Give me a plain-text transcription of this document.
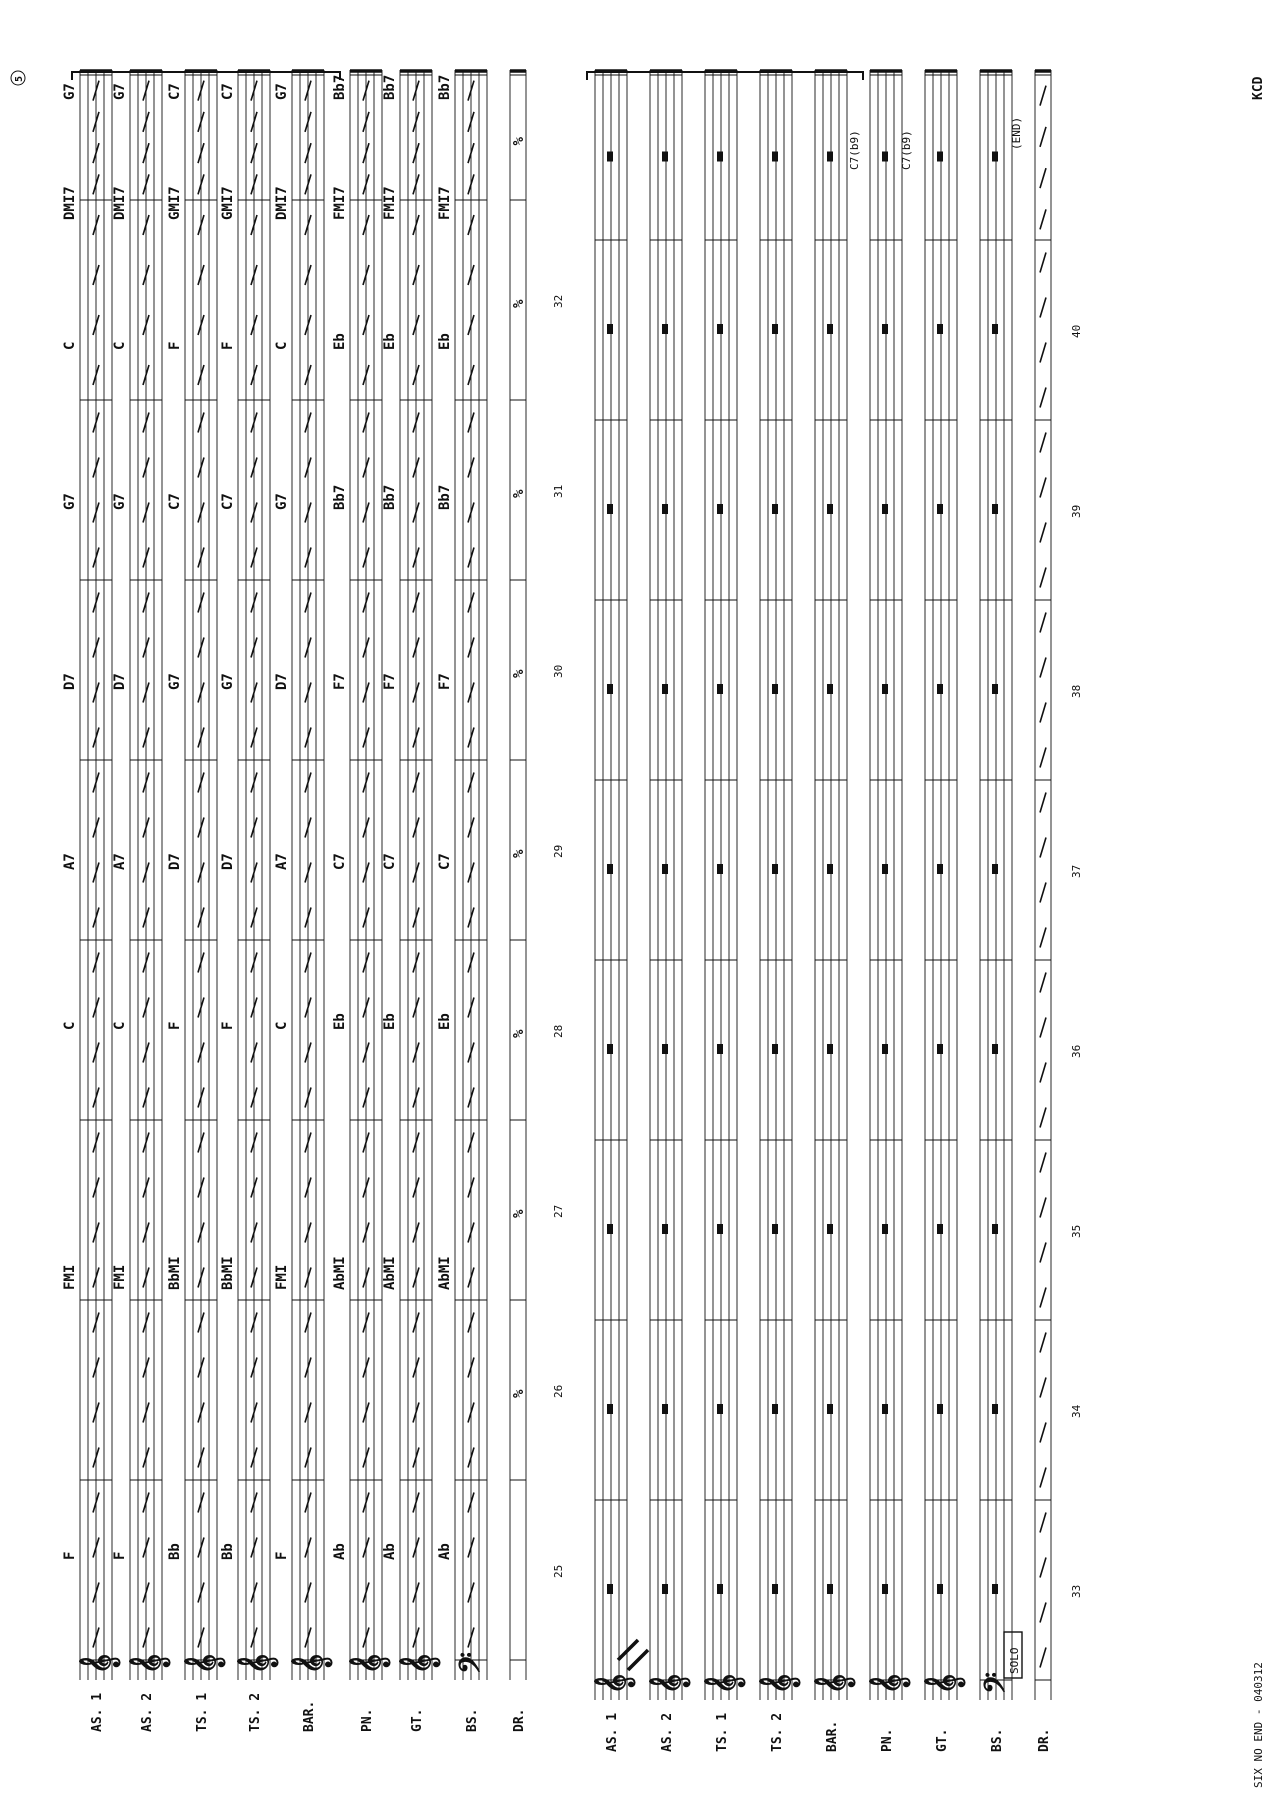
AS. 1
𝄞
F
FMI
C
A7
D7
G7
C
DMI7
G7
AS. 2
𝄞
F
FMI
C
A7
D7
G7
C
DMI7
G7
TS. 1
𝄞
Bb
BbMI
F
D7
G7
C7
F
GMI7
C7
TS. 2
𝄞
Bb
BbMI
F
D7
G7
C7
F
GMI7
C7
BAR.
𝄞
F
FMI
C
A7
D7
G7
C
DMI7
G7
PN.
𝄞
Ab
AbMI
Eb
C7
F7
Bb7
Eb
FMI7
Bb7
GT.
𝄞
Ab
AbMI
Eb
C7
F7
Bb7
Eb
FMI7
Bb7
BS.
𝄢
Ab
AbMI
Eb
C7
F7
Bb7
Eb
FMI7
Bb7
DR.
%
%
%
%
%
%
%
%
25
26
27
28
29
30
31
32
AS. 1
𝄞
AS. 2
𝄞
TS. 1
𝄞
TS. 2
𝄞
BAR.
𝄞
PN.
𝄞
GT.
𝄞
BS.
𝄢
DR.
33
34
35
36
37
38
39
40
SOLO
(END)
C7(b9)	C7(b9)
5
SIX NO END - 040312
KCD
